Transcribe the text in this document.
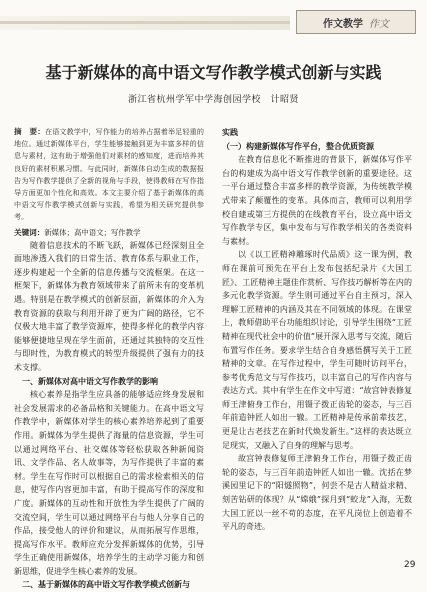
作文教学 作文
基于新媒体的高中语文写作教学模式创新与实践
浙江省杭州学军中学海创园学校　计昭贤
摘　要：在语文教学中，写作能力的培养占据着举足轻重的地位。通过新媒体平台，学生能够接触到更为丰富多样的信息与素材，这有助于增强他们对素材的感知度，进而培养其良好的素材积累习惯。与此同时，新媒体自动生成的数据报告为写作教学提供了全新的视角与手段，使得教师在写作指导方面更加个性化和高效。本文主要介绍了基于新媒体的高中语文写作教学模式创新与实践，希望为相关研究提供参考。
关键词：新媒体；高中语文；写作教学

随着信息技术的不断飞跃，新媒体已经深刻且全面地渗透入我们的日常生活、教育体系与职业工作，逐步构建起一个全新的信息传播与交流框架。在这一框架下，新媒体为教育领域带来了前所未有的变革机遇。特别是在教学模式的创新层面，新媒体的介入为教育资源的获取与利用开辟了更为广阔的路径，它不仅极大地丰富了教学资源库，使得多样化的教学内容能够便捷地呈现在学生面前，还通过其独特的交互性与即时性，为教育模式的转型升级提供了强有力的技术支撑。

一、新媒体对高中语文写作教学的影响

核心素养是指学生应具备的能够适应终身发展和社会发展需求的必备品格和关键能力。在高中语文写作教学中，新媒体对学生的核心素养培养起到了重要作用。新媒体为学生提供了海量的信息资源，学生可以通过网络平台、社交媒体等轻松获取各种新闻资讯、文学作品、名人故事等，为写作提供了丰富的素材。学生在写作时可以根据自己的需求检索相关的信息，使写作内容更加丰富，有助于提高写作的深度和广度。新媒体的互动性和开放性为学生提供了广阔的交流空间，学生可以通过网络平台与他人分享自己的作品，接受他人的评价和建议，从而拓展写作思维，提高写作水平。教师应充分发挥新媒体的优势，引导学生正确使用新媒体，培养学生的主动学习能力和创新思维，促进学生核心素养的发展。

二、基于新媒体的高中语文写作教学模式创新与
实践
（一）构建新媒体写作平台，整合优质资源

在教育信息化不断推进的背景下，新媒体写作平台的构建成为高中语文写作教学创新的重要途径。这一平台通过整合丰富多样的教学资源，为传统教学模式带来了颠覆性的变革。具体而言，教师可以利用学校自建或第三方提供的在线教育平台，设立高中语文写作教学专区，集中发布与写作教学相关的各类资料与素材。

以《以工匠精神雕琢时代品质》这一课为例，教师在课前可预先在平台上发布包括纪录片《大国工匠》、工匠精神主题佳作赏析、写作技巧解析等在内的多元化教学资源。学生则可通过平台自主预习，深入理解工匠精神的内涵及其在不同领域的体现。在课堂上，教师借助平台功能组织讨论，引导学生围绕“工匠精神在现代社会中的价值”展开深入思考与交流，随后布置写作任务。要求学生结合自身感悟撰写关于工匠精神的文章。在写作过程中，学生可随时访问平台，参考优秀范文与写作技巧，以丰富自己的写作内容与表达方式。其中有学生在作文中写道：“故宫钟表修复师王津俯身工作台，用镊子拨正齿轮的姿态，与三百年前造钟匠人如出一辙。工匠精神是传承前辈技艺，更是让古老技艺在新时代焕发新生。”这样的表达既立足现实，又融入了自身的理解与思考。

故宫钟表修复师王津俯身工作台，用镊子拨正齿轮的姿态，与三百年前造钟匠人如出一辙。沈括在梦溪园里记下的“阳燧照物”，何尝不是古人精益求精、刻苦钻研的体现？从“嫦娥”探月到“蛟龙”入海，无数大国工匠以一丝不苟的态度，在平凡岗位上创造着不平凡的奇迹。

29
